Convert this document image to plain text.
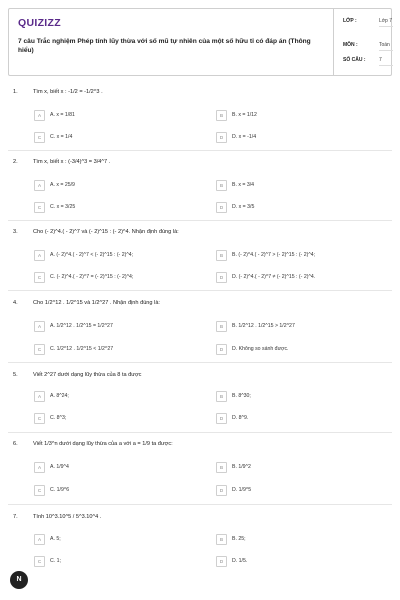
QUIZIZZ
7 câu Trắc nghiệm Phép tính lũy thừa với số mũ tự nhiên của một số hữu tỉ có đáp án (Thông hiểu)
LỚP :	Lớp 7
MÔN :	Toán
SỐ CÂU :	7
1.	Tìm x, biết x : -1/2 = -1/2^3 .
A	A. x = 1/81	B	B. x = 1/12
C	C. x = 1/4	D	D. x = -1/4
2.	Tìm x, biết x : (-3/4)^3 = 3/4^7 .
A	A. x = 25/9	B	B. x = 3/4
C	C. x = 3/25	D	D. x = 3/5
3.	Cho (- 2)^4.( - 2)^7 và (- 2)^15 : (- 2)^4. Nhận định đúng là:
A	A. (- 2)^4.( - 2)^7 < (- 2)^15 : (- 2)^4;	B	B. (- 2)^4.( - 2)^7 > (- 2)^15 : (- 2)^4;
C	C. (- 2)^4.( - 2)^7 = (- 2)^15 : (- 2)^4;	D	D. (- 2)^4.( - 2)^7 ≠ (- 2)^15 : (- 2)^4.
4.	Cho 1/2^12 . 1/2^15 và 1/2^27 . Nhận định đúng là:
A	A. 1/2^12 . 1/2^15 = 1/2^27	B	B. 1/2^12 . 1/2^15 > 1/2^27
C	C. 1/2^12 . 1/2^15 < 1/2^27	D	D. Không so sánh được.
5.	Viết 2^27 dưới dạng lũy thừa của 8 ta được
A	A. 8^24;	B	B. 8^30;
C	C. 8^3;	D	D. 8^9.
6.	Viết 1/3^n dưới dạng lũy thừa của a với a = 1/9 ta được:
A	A. 1/9^4	B	B. 1/9^2
C	C. 1/9^6	D	D. 1/9^5
7.	Tính 10^3.10^5 / 5^3.10^4 .
A	A. 5;	B	B. 25;
C	C. 1;	D	D. 1/5.
N
